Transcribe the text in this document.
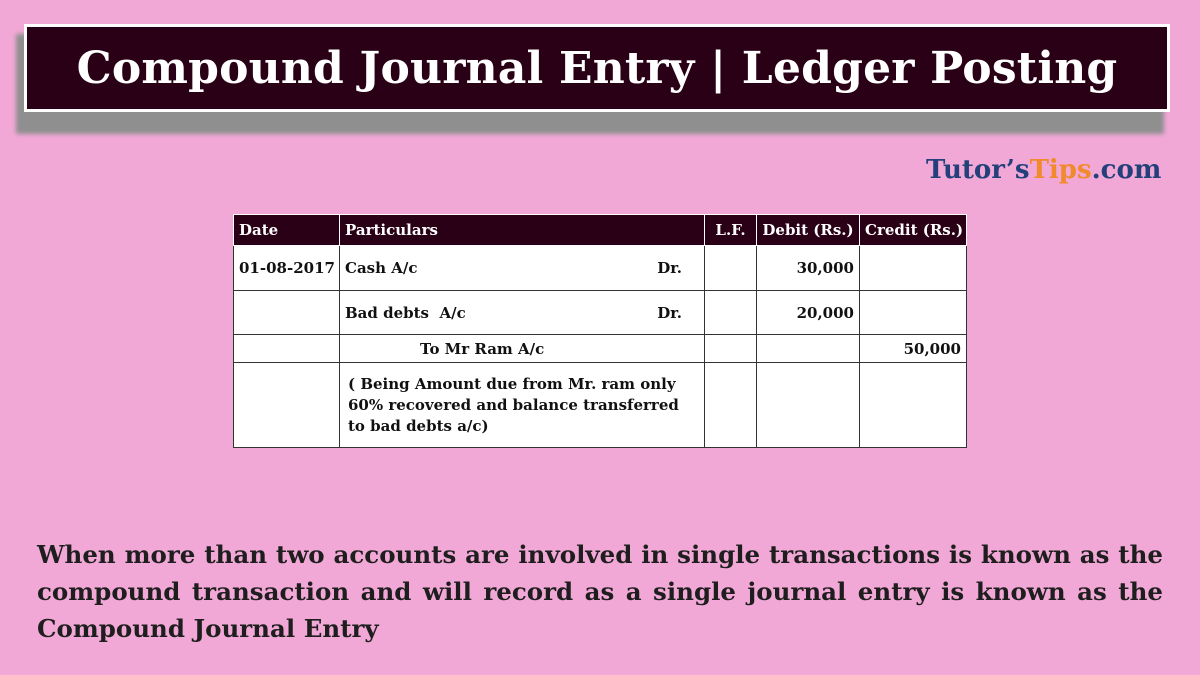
Compound Journal Entry | Ledger Posting
Tutor’sTips.com
Date	Particulars	L.F.	Debit (Rs.)	Credit (Rs.)
01-08-2017	Cash A/c Dr.		30,000	
	Bad debts  A/c Dr.		20,000	
	To Mr Ram A/c			50,000
	( Being Amount due from Mr. ram only 60% recovered and balance transferred to bad debts a/c)			
When more than two accounts are involved in single transactions is known as the compound transaction and will record as a single journal entry is known as the Compound Journal Entry
